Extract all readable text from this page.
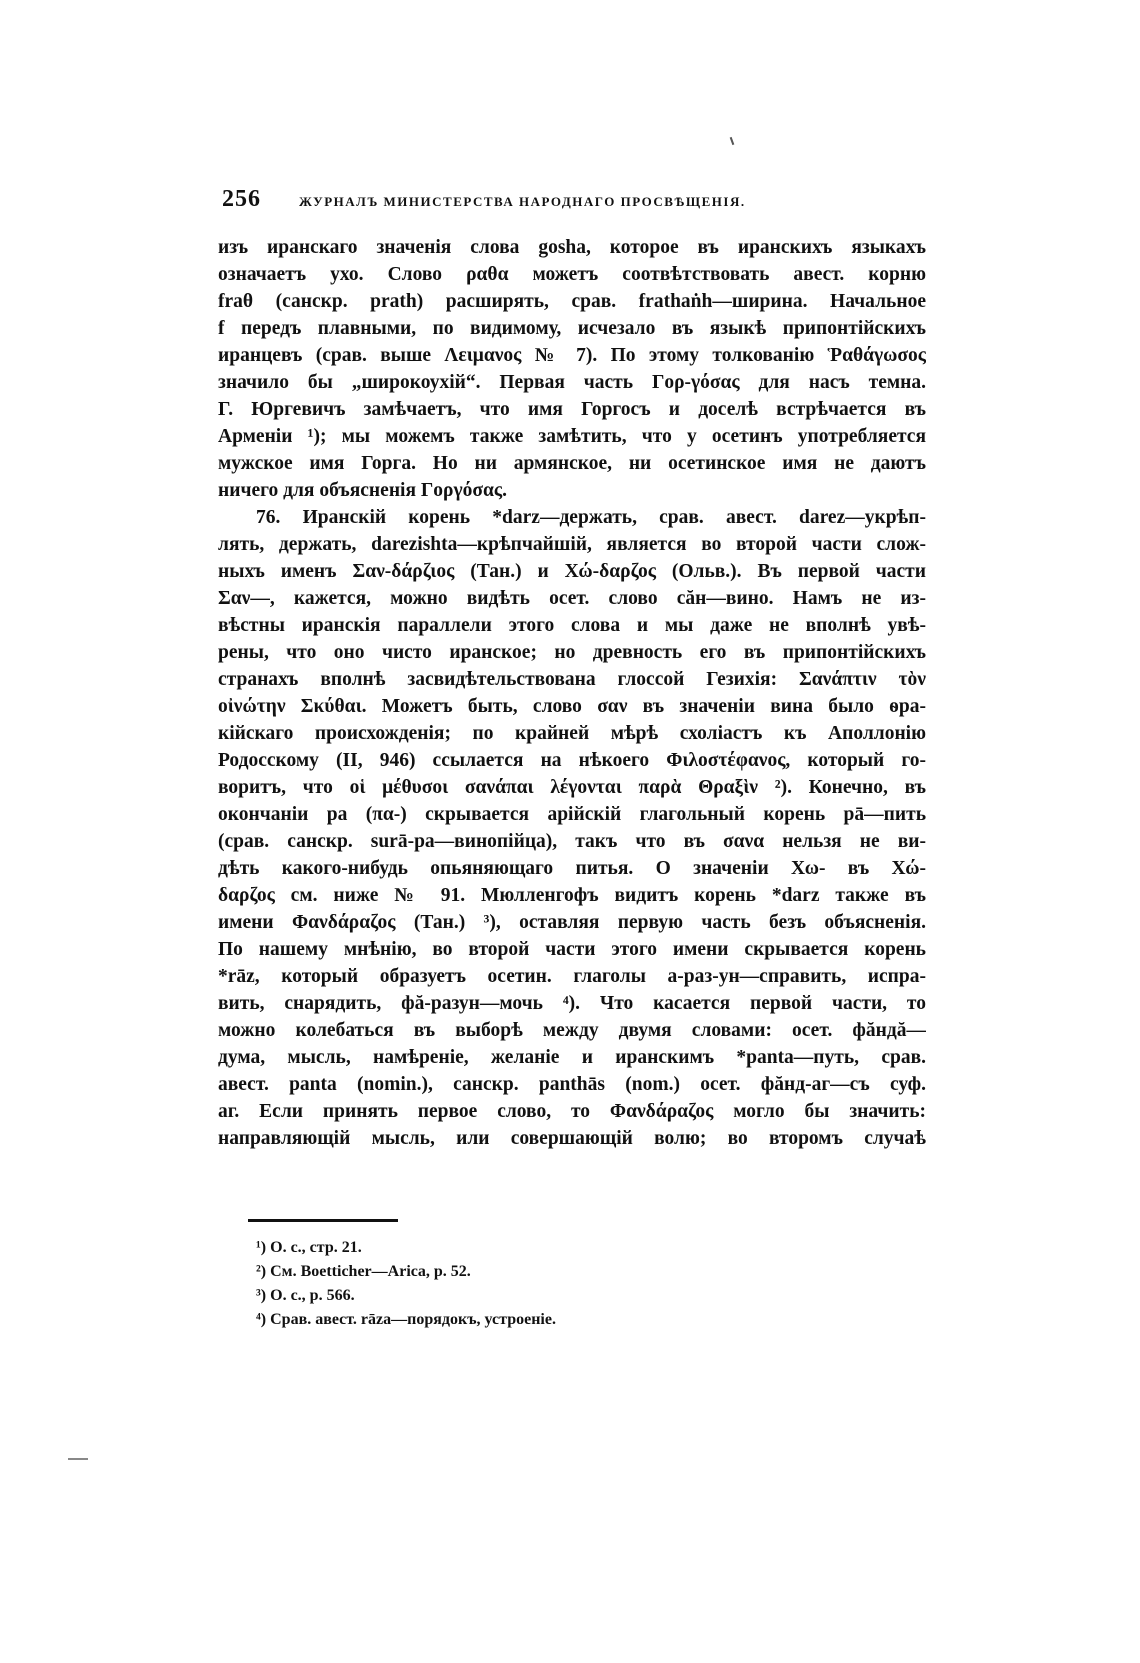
256	ЖУРНАЛЪ МИНИСТЕРСТВА НАРОДНАГО ПРОСВѢЩЕНІЯ.
изъ иранскаго значенія слова gosha, которое въ иранскихъ языкахъ
означаетъ ухо. Слово ραθα можетъ соотвѣтствовать авест. корню
fraθ (санскр. prath) расширять, срав. frathaṅh—ширина. Начальное
f передъ плавными, по видимому, исчезало въ языкѣ припонтійскихъ
иранцевъ (срав. выше Λειμανος № 7). По этому толкованію Ῥαθάγωσος
значило бы „широкоухій“. Первая часть Γορ-γόσας для насъ темна.
Г. Юргевичъ замѣчаетъ, что имя Горгосъ и доселѣ встрѣчается въ
Арменіи ¹); мы можемъ также замѣтить, что у осетинъ употребляется
мужское имя Горга. Но ни армянское, ни осетинское имя не даютъ
ничего для объясненія Γοργόσας.
76. Иранскій корень *darz—держать, срав. авест. darez—укрѣп-
лять, держать, darezishta—крѣпчайшій, является во второй части слож-
ныхъ именъ Σαν-δάρζιος (Тан.) и Χώ-δαρζος (Ольв.). Въ первой части
Σαν—, кажется, можно видѣть осет. слово сăн—вино. Намъ не из-
вѣстны иранскія параллели этого слова и мы даже не вполнѣ увѣ-
рены, что оно чисто иранское; но древность его въ припонтійскихъ
странахъ вполнѣ засвидѣтельствована глоссой Гезихія: Σανάπτιν τὸν
οἰνώτην Σκύθαι. Можетъ быть, слово σαν въ значеніи вина было ѳра-
кійскаго происхожденія; по крайней мѣрѣ схоліастъ къ Аполлонію
Родосскому (II, 946) ссылается на нѣкоего Φιλοστέφανος, который го-
воритъ, что οἱ μέθυσοι σανάπαι λέγονται παρὰ Θραξὶν ²). Конечно, въ
окончаніи pa (πα-) скрывается арійскій глагольный корень pā—пить
(срав. санскр. surā-pa—винопійца), такъ что въ σανα нельзя не ви-
дѣть какого-нибудь опьяняющаго питья. О значеніи Χω- въ Χώ-
δαρζος см. ниже № 91. Мюлленгофъ видитъ корень *darz также въ
имени Φανδάραζος (Тан.) ³), оставляя первую часть безъ объясненія.
По нашему мнѣнію, во второй части этого имени скрывается корень
*rāz, который образуетъ осетин. глаголы а-раз-ун—справить, испра-
вить, снарядить, фă-разун—мочь ⁴). Что касается первой части, то
можно колебаться въ выборѣ между двумя словами: осет. фăндă—
дума, мысль, намѣреніе, желаніе и иранскимъ *panta—путь, срав.
авест. panta (nomin.), санскр. panthās (nom.) осет. фăнд-аг—съ суф.
аг. Если принять первое слово, то Φανδάραζος могло бы значить:
направляющій мысль, или совершающій волю; во второмъ случаѣ
¹) O. c., стр. 21.
²) См. Boetticher—Arica, p. 52.
³) O. c., p. 566.
⁴) Срав. авест. rāza—порядокъ, устроеніе.
